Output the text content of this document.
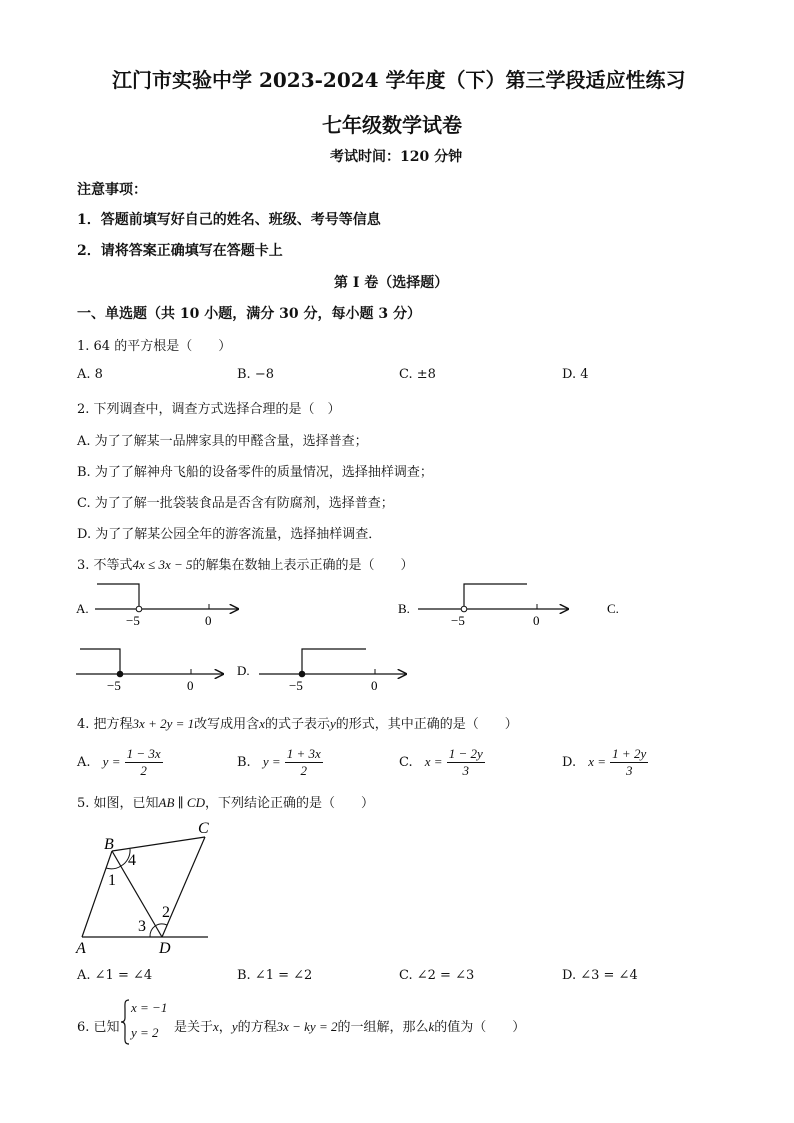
江门市实验中学 2023-2024 学年度（下）第三学段适应性练习
七年级数学试卷
考试时间：120 分钟
注意事项：
1．答题前填写好自己的姓名、班级、考号等信息
2．请将答案正确填写在答题卡上
第 I 卷（选择题）
一、单选题（共 10 小题，满分 30 分，每小题 3 分）
1. 64 的平方根是（　　）
A. 8	B. −8	C. ±8	D. 4
2. 下列调查中，调查方式选择合理的是（　）
A. 为了了解某一品牌家具的甲醛含量，选择普查；
B. 为了了解神舟飞船的设备零件的质量情况，选择抽样调查；
C. 为了了解一批袋装食品是否含有防腐剂，选择普查；
D. 为了了解某公园全年的游客流量，选择抽样调查．
3. 不等式4x ≤ 3x − 5的解集在数轴上表示正确的是（　　）
A.
−5	0
B.
−5	0
C.
−5	0
D.
−5	0
4. 把方程3x + 2y = 1改写成用含x的式子表示y的形式，其中正确的是（　　）
A. $y = \frac{1 - 3x}{2}$	B. $y = \frac{1 + 3x}{2}$	C. $x = \frac{1 - 2y}{3}$	D. $x = \frac{1 + 2y}{3}$
5. 如图，已知AB ∥ CD，下列结论正确的是（　　）
B
C
A	D
1
4
3
2
A. ∠1 = ∠4	B. ∠1 = ∠2	C. ∠2 = ∠3	D. ∠3 = ∠4
6. 已知
x = −1
y = 2 是关于x，y的方程3x − ky = 2的一组解，那么k的值为（　　）
